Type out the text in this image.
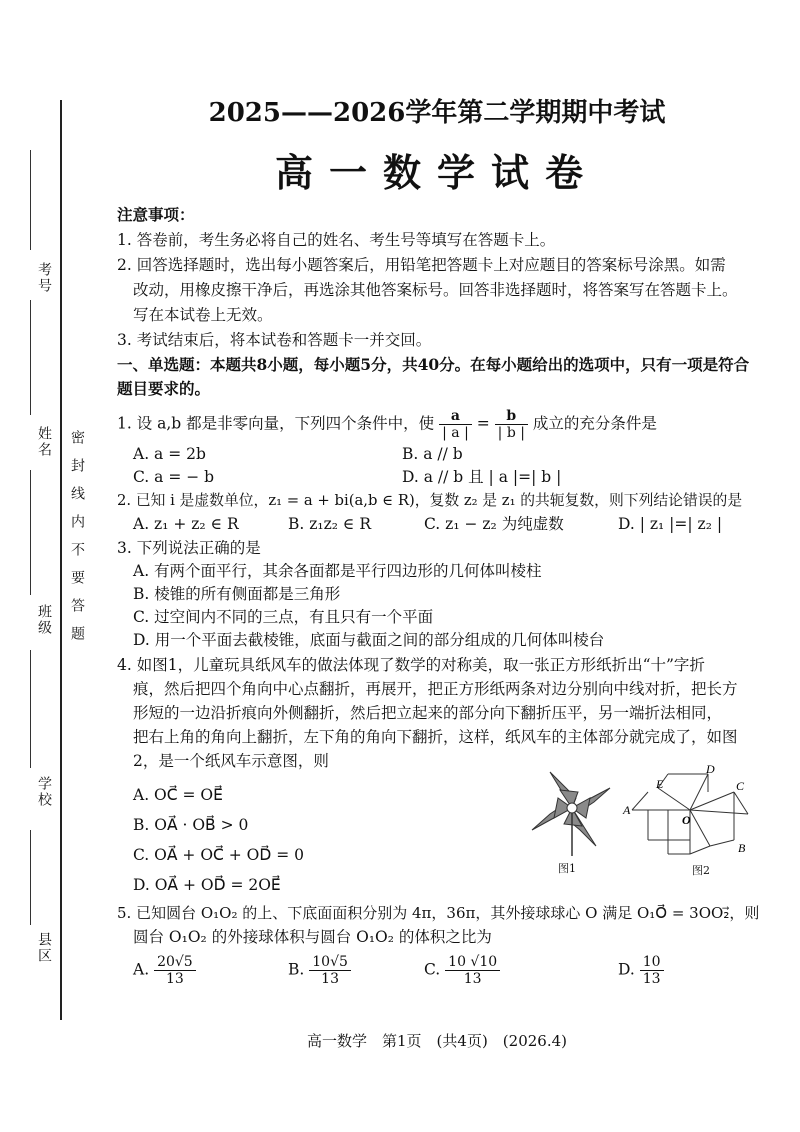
考号
姓名
班级
学校
县区
密封线内不要答题
2025——2026学年第二学期期中考试
高一数学试卷
注意事项：
1. 答卷前，考生务必将自己的姓名、考生号等填写在答题卡上。
2. 回答选择题时，选出每小题答案后，用铅笔把答题卡上对应题目的答案标号涂黑。如需
改动，用橡皮擦干净后，再选涂其他答案标号。回答非选择题时，将答案写在答题卡上。
写在本试卷上无效。
3. 考试结束后，将本试卷和答题卡一并交回。
一、单选题：本题共8小题，每小题5分，共40分。在每小题给出的选项中，只有一项是符合
题目要求的。
1. 设 a,b 都是非零向量，下列四个条件中，使 $\frac{a}{| a |} = \frac{b}{| b |}$ 成立的充分条件是
A. a = 2b	B. a // b
C. a = − b	D. a // b 且 | a |=| b |
2. 已知 i 是虚数单位，z₁ = a + bi(a,b ∈ R)，复数 z₂ 是 z₁ 的共轭复数，则下列结论错误的是
A. z₁ + z₂ ∈ R	B. z₁z₂ ∈ R	C. z₁ − z₂ 为纯虚数	D. | z₁ |=| z₂ |
3. 下列说法正确的是
A. 有两个面平行，其余各面都是平行四边形的几何体叫棱柱
B. 棱锥的所有侧面都是三角形
C. 过空间内不同的三点，有且只有一个平面
D. 用一个平面去截棱锥，底面与截面之间的部分组成的几何体叫棱台
4. 如图1，儿童玩具纸风车的做法体现了数学的对称美，取一张正方形纸折出“十”字折
痕，然后把四个角向中心点翻折，再展开，把正方形纸两条对边分别向中线对折，把长方
形短的一边沿折痕向外侧翻折，然后把立起来的部分向下翻折压平，另一端折法相同，
把右上角的角向上翻折，左下角的角向下翻折，这样，纸风车的主体部分就完成了，如图
2，是一个纸风车示意图，则
A. OC⃗ = OE⃗
B. OA⃗ · OB⃗ > 0
C. OA⃗ + OC⃗ + OD⃗ = 0
D. OA⃗ + OD⃗ = 2OE⃗
图1
D
C
E
A
O
B
图2
5. 已知圆台 O₁O₂ 的上、下底面面积分别为 4π，36π，其外接球球心 O 满足 O₁O⃗ = 3OO₂⃗，则
圆台 O₁O₂ 的外接球体积与圆台 O₁O₂ 的体积之比为
A. $\frac{20√5}{13}$	B. $\frac{10√5}{13}$	C. $\frac{10 √10}{13}$	D. $\frac{10}{13}$
高一数学　第1页　(共4页)　(2026.4)
